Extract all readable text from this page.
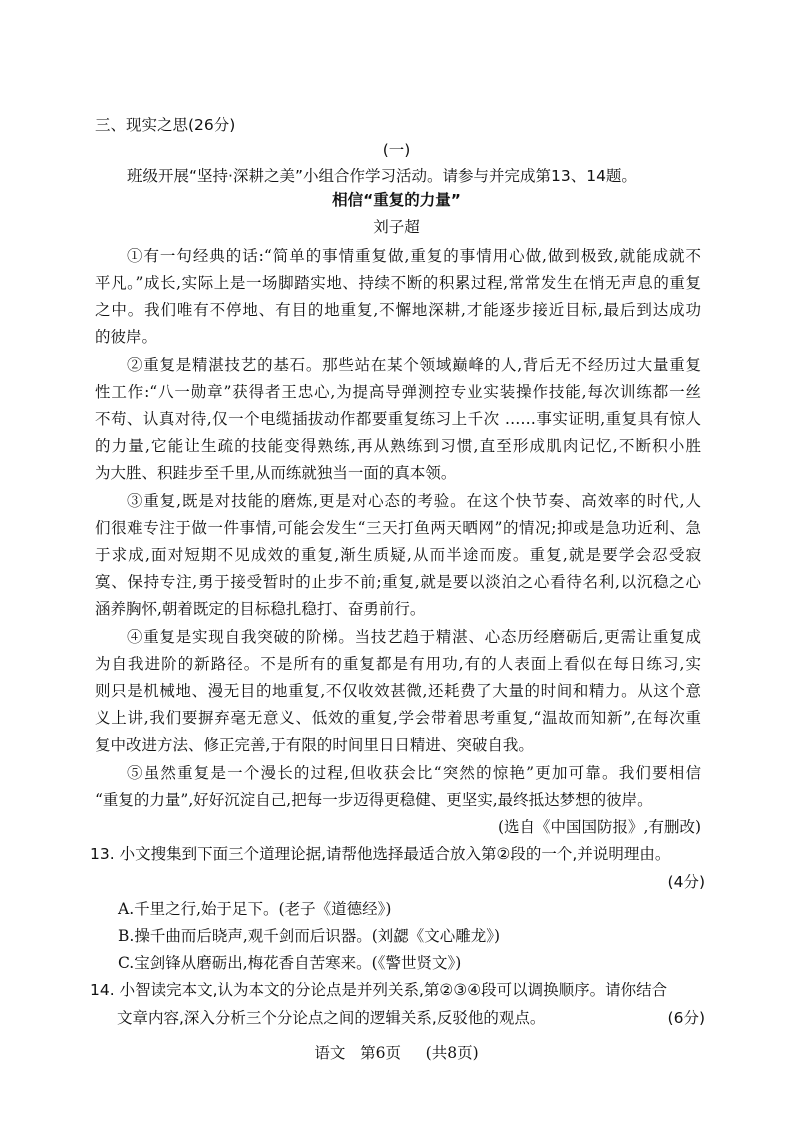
三、现实之思(26分)
(一)
班级开展“坚持·深耕之美”小组合作学习活动。请参与并完成第13、14题。
相信“重复的力量”
刘子超
①有一句经典的话:“简单的事情重复做,重复的事情用心做,做到极致,就能成就不
平凡。”成长,实际上是一场脚踏实地、持续不断的积累过程,常常发生在悄无声息的重复
之中。我们唯有不停地、有目的地重复,不懈地深耕,才能逐步接近目标,最后到达成功
的彼岸。
②重复是精湛技艺的基石。那些站在某个领域巅峰的人,背后无不经历过大量重复
性工作:“八一勋章”获得者王忠心,为提高导弹测控专业实装操作技能,每次训练都一丝
不苟、认真对待,仅一个电缆插拔动作都要重复练习上千次 ……事实证明,重复具有惊人
的力量,它能让生疏的技能变得熟练,再从熟练到习惯,直至形成肌肉记忆,不断积小胜
为大胜、积跬步至千里,从而练就独当一面的真本领。
③重复,既是对技能的磨炼,更是对心态的考验。在这个快节奏、高效率的时代,人
们很难专注于做一件事情,可能会发生“三天打鱼两天晒网”的情况;抑或是急功近利、急
于求成,面对短期不见成效的重复,渐生质疑,从而半途而废。重复,就是要学会忍受寂
寞、保持专注,勇于接受暂时的止步不前;重复,就是要以淡泊之心看待名利,以沉稳之心
涵养胸怀,朝着既定的目标稳扎稳打、奋勇前行。
④重复是实现自我突破的阶梯。当技艺趋于精湛、心态历经磨砺后,更需让重复成
为自我进阶的新路径。不是所有的重复都是有用功,有的人表面上看似在每日练习,实
则只是机械地、漫无目的地重复,不仅收效甚微,还耗费了大量的时间和精力。从这个意
义上讲,我们要摒弃毫无意义、低效的重复,学会带着思考重复,“温故而知新”,在每次重
复中改进方法、修正完善,于有限的时间里日日精进、突破自我。
⑤虽然重复是一个漫长的过程,但收获会比“突然的惊艳”更加可靠。我们要相信
“重复的力量”,好好沉淀自己,把每一步迈得更稳健、更坚实,最终抵达梦想的彼岸。
(选自《中国国防报》,有删改)
13. 小文搜集到下面三个道理论据,请帮他选择最适合放入第②段的一个,并说明理由。
(4分)
A.千里之行,始于足下。(老子《道德经》)
B.操千曲而后晓声,观千剑而后识器。(刘勰《文心雕龙》)
C.宝剑锋从磨砺出,梅花香自苦寒来。(《警世贤文》)
14. 小智读完本文,认为本文的分论点是并列关系,第②③④段可以调换顺序。请你结合
文章内容,深入分析三个分论点之间的逻辑关系,反驳他的观点。	(6分)
语文 第6页 (共8页)
